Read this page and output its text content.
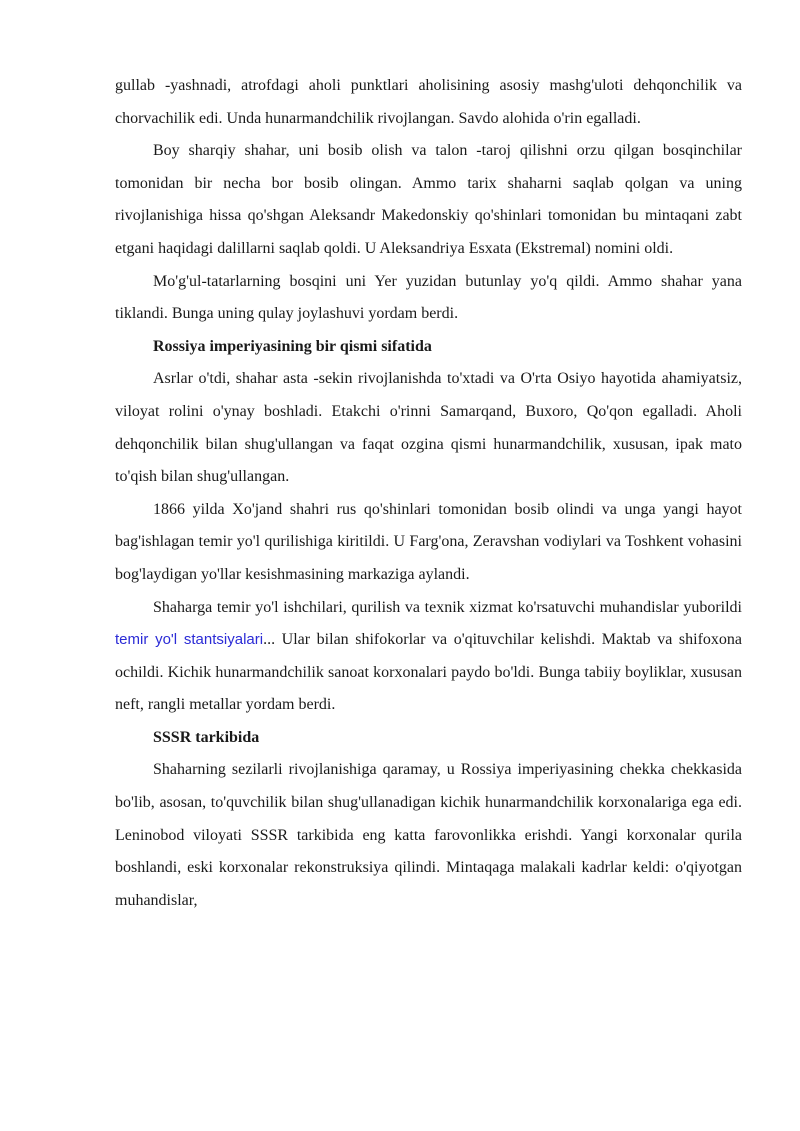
gullab -yashnadi, atrofdagi aholi punktlari aholisining asosiy mashg'uloti dehqonchilik va chorvachilik edi. Unda hunarmandchilik rivojlangan. Savdo alohida o'rin egalladi.

Boy sharqiy shahar, uni bosib olish va talon -taroj qilishni orzu qilgan bosqinchilar tomonidan bir necha bor bosib olingan. Ammo tarix shaharni saqlab qolgan va uning rivojlanishiga hissa qo'shgan Aleksandr Makedonskiy qo'shinlari tomonidan bu mintaqani zabt etgani haqidagi dalillarni saqlab qoldi. U Aleksandriya Esxata (Ekstremal) nomini oldi.

Mo'g'ul-tatarlarning bosqini uni Yer yuzidan butunlay yo'q qildi. Ammo shahar yana tiklandi. Bunga uning qulay joylashuvi yordam berdi.

Rossiya imperiyasining bir qismi sifatida

Asrlar o'tdi, shahar asta -sekin rivojlanishda to'xtadi va O'rta Osiyo hayotida ahamiyatsiz, viloyat rolini o'ynay boshladi. Etakchi o'rinni Samarqand, Buxoro, Qo'qon egalladi. Aholi dehqonchilik bilan shug'ullangan va faqat ozgina qismi hunarmandchilik, xususan, ipak mato to'qish bilan shug'ullangan.

1866 yilda Xo'jand shahri rus qo'shinlari tomonidan bosib olindi va unga yangi hayot bag'ishlagan temir yo'l qurilishiga kiritildi. U Farg'ona, Zeravshan vodiylari va Toshkent vohasini bog'laydigan yo'llar kesishmasining markaziga aylandi.

Shaharga temir yo'l ishchilari, qurilish va texnik xizmat ko'rsatuvchi muhandislar yuborildi temir yo'l stantsiyalari... Ular bilan shifokorlar va o'qituvchilar kelishdi. Maktab va shifoxona ochildi. Kichik hunarmandchilik sanoat korxonalari paydo bo'ldi. Bunga tabiiy boyliklar, xususan neft, rangli metallar yordam berdi.

SSSR tarkibida

Shaharning sezilarli rivojlanishiga qaramay, u Rossiya imperiyasining chekka chekkasida bo'lib, asosan, to'quvchilik bilan shug'ullanadigan kichik hunarmandchilik korxonalariga ega edi. Leninobod viloyati SSSR tarkibida eng katta farovonlikka erishdi. Yangi korxonalar qurila boshlandi, eski korxonalar rekonstruksiya qilindi. Mintaqaga malakali kadrlar keldi: o'qiyotgan muhandislar,
